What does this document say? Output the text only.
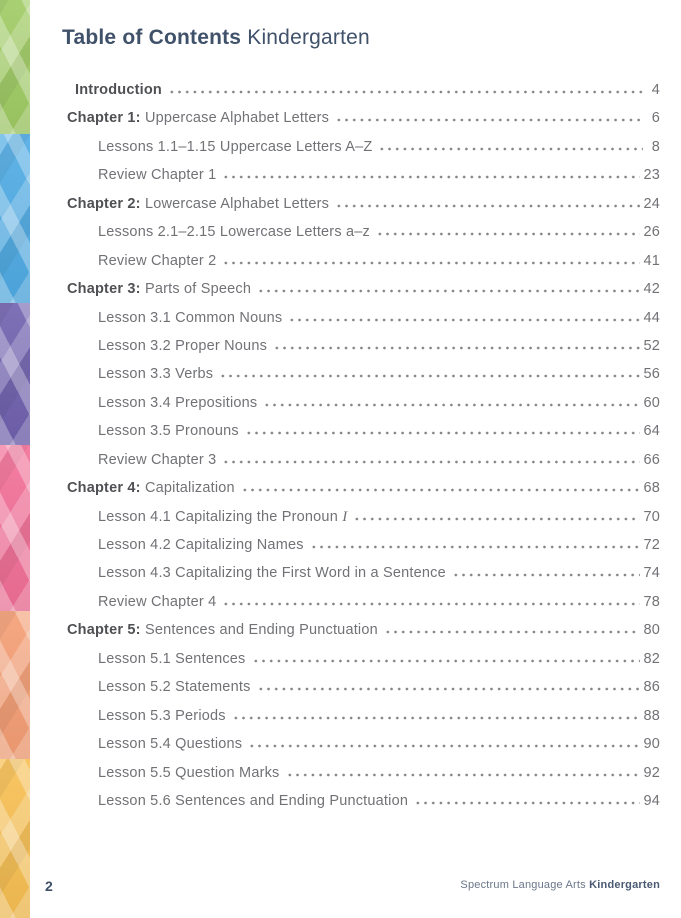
Table of Contents Kindergarten
Introduction	4
Chapter 1: Uppercase Alphabet Letters	6
Lessons 1.1–1.15 Uppercase Letters A–Z	8
Review Chapter 1	23
Chapter 2: Lowercase Alphabet Letters	24
Lessons 2.1–2.15 Lowercase Letters a–z	26
Review Chapter 2	41
Chapter 3: Parts of Speech	42
Lesson 3.1 Common Nouns	44
Lesson 3.2 Proper Nouns	52
Lesson 3.3 Verbs	56
Lesson 3.4 Prepositions	60
Lesson 3.5 Pronouns	64
Review Chapter 3	66
Chapter 4: Capitalization	68
Lesson 4.1 Capitalizing the Pronoun I	70
Lesson 4.2 Capitalizing Names	72
Lesson 4.3 Capitalizing the First Word in a Sentence	74
Review Chapter 4	78
Chapter 5: Sentences and Ending Punctuation	80
Lesson 5.1 Sentences	82
Lesson 5.2 Statements	86
Lesson 5.3 Periods	88
Lesson 5.4 Questions	90
Lesson 5.5 Question Marks	92
Lesson 5.6 Sentences and Ending Punctuation	94
2	Spectrum Language Arts Kindergarten
